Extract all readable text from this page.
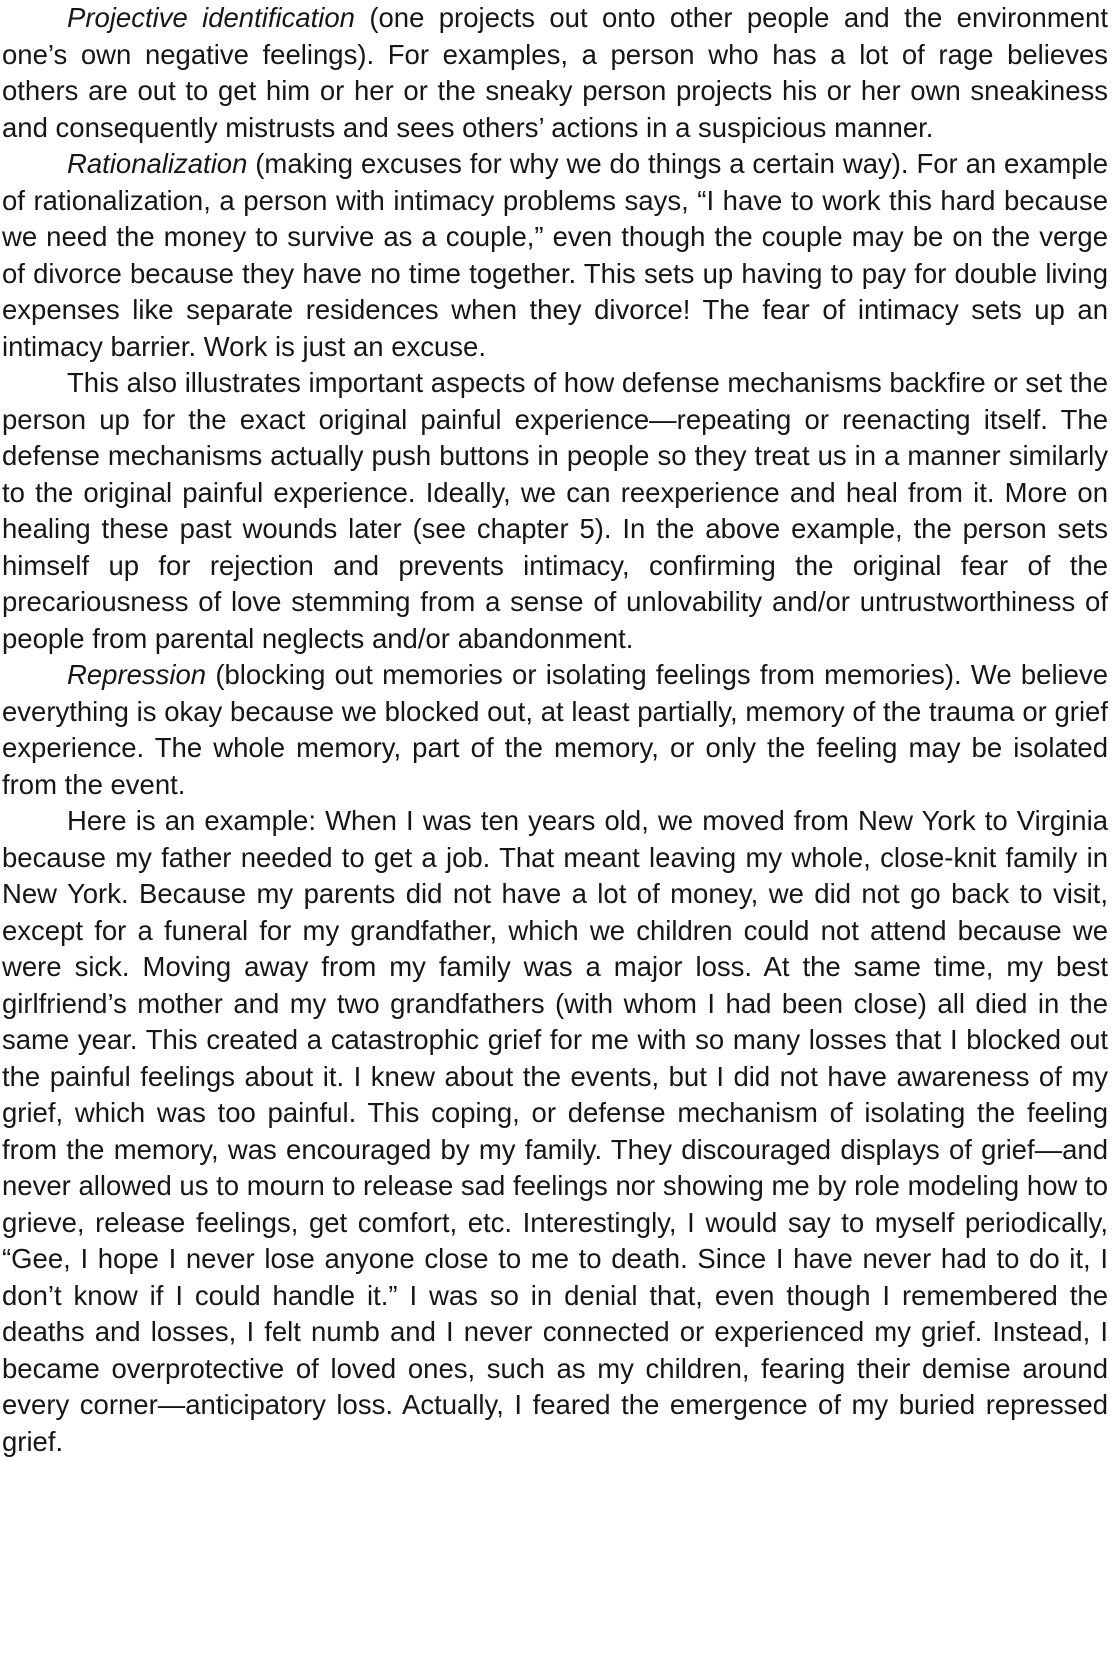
Projective identification (one projects out onto other people and the environment one’s own negative feelings). For examples, a person who has a lot of rage believes others are out to get him or her or the sneaky person projects his or her own sneakiness and consequently mistrusts and sees others’ actions in a suspicious manner.

Rationalization (making excuses for why we do things a certain way). For an example of rationalization, a person with intimacy problems says, “I have to work this hard because we need the money to survive as a couple,” even though the couple may be on the verge of divorce because they have no time together. This sets up having to pay for double living expenses like separate residences when they divorce! The fear of intimacy sets up an intimacy barrier. Work is just an excuse.

This also illustrates important aspects of how defense mechanisms backfire or set the person up for the exact original painful experience—repeating or reenacting itself. The defense mechanisms actually push buttons in people so they treat us in a manner similarly to the original painful experience. Ideally, we can reexperience and heal from it. More on healing these past wounds later (see chapter 5). In the above example, the person sets himself up for rejection and prevents intimacy, confirming the original fear of the precariousness of love stemming from a sense of unlovability and/or untrustworthiness of people from parental neglects and/or abandonment.

Repression (blocking out memories or isolating feelings from memories). We believe everything is okay because we blocked out, at least partially, memory of the trauma or grief experience. The whole memory, part of the memory, or only the feeling may be isolated from the event.

Here is an example: When I was ten years old, we moved from New York to Virginia because my father needed to get a job. That meant leaving my whole, close-knit family in New York. Because my parents did not have a lot of money, we did not go back to visit, except for a funeral for my grandfather, which we children could not attend because we were sick. Moving away from my family was a major loss. At the same time, my best girlfriend’s mother and my two grandfathers (with whom I had been close) all died in the same year. This created a catastrophic grief for me with so many losses that I blocked out the painful feelings about it. I knew about the events, but I did not have awareness of my grief, which was too painful. This coping, or defense mechanism of isolating the feeling from the memory, was encouraged by my family. They discouraged displays of grief—and never allowed us to mourn to release sad feelings nor showing me by role modeling how to grieve, release feelings, get comfort, etc. Interestingly, I would say to myself periodically, “Gee, I hope I never lose anyone close to me to death. Since I have never had to do it, I don’t know if I could handle it.” I was so in denial that, even though I remembered the deaths and losses, I felt numb and I never connected or experienced my grief. Instead, I became overprotective of loved ones, such as my children, fearing their demise around every corner—anticipatory loss. Actually, I feared the emergence of my buried repressed grief.
